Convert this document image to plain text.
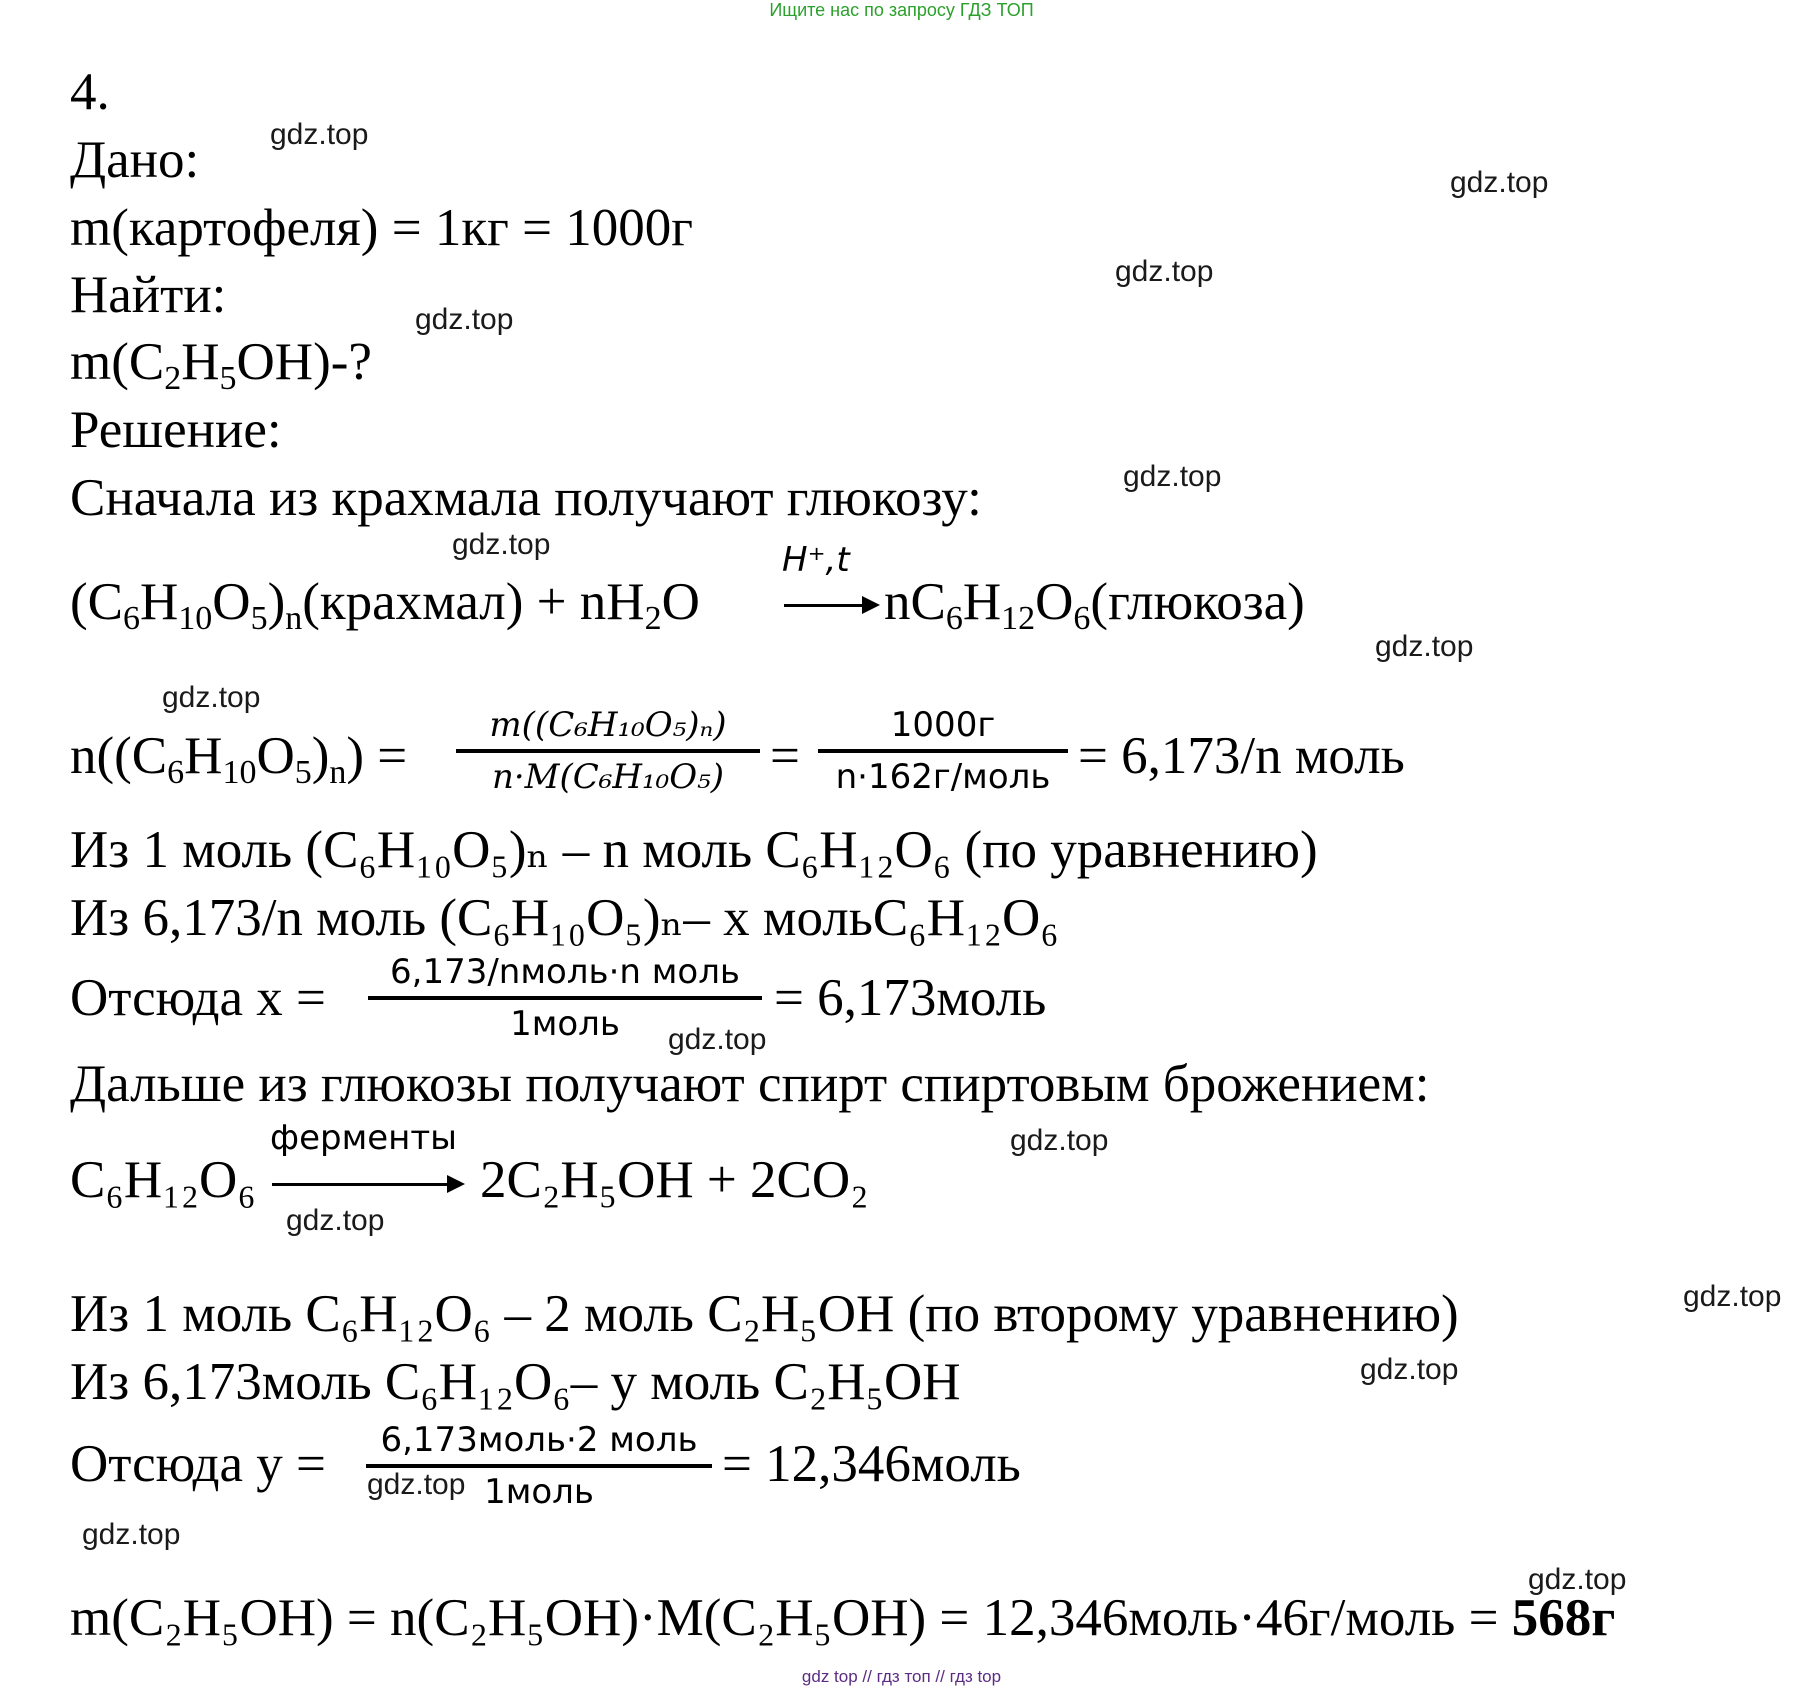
Ищите нас по запросу ГДЗ ТОП
gdz.top
gdz.top
gdz.top
gdz.top
gdz.top
gdz.top
gdz.top
gdz.top
gdz.top
gdz.top
gdz.top
gdz.top
gdz.top
gdz.top
gdz.top
gdz.top
4.
Дано:
m(картофеля) = 1кг = 1000г
Найти:
$m(C_2H_5OH)-$?
Решение:
Сначала из крахмала получают глюкозу:
$(C_6H_{10}O_5)_n(крахмал) + nH_2O$
H⁺,t
$nC_6H_{12}O_6(глюкоза)$
$n((C_6H_{10}O_5)_n) = \frac{\text{m((C₆H₁₀O₅)ₙ)}}{\text{n·M(C₆H₁₀O₅)}}$ =
1000г
n·162г/моль = 6,173/n моль
Из 1 моль (C₆H₁₀O₅)ₙ – n моль C₆H₁₂O₆ (по уравнению)
Из 6,173/n моль (C₆H₁₀O₅)ₙ– x мольC₆H₁₂O₆
Отсюда x =	6,173/nмоль·n моль
1моль	= 6,173моль
Дальше из глюкозы получают спирт спиртовым брожением:
C₆H₁₂O₆
ферменты
2C₂H₅OH + 2CO₂
Из 1 моль C₆H₁₂O₆ – 2 моль C₂H₅OH (по второму уравнению)
Из 6,173моль C₆H₁₂O₆– y моль C₂H₅OH
Отсюда y =	6,173моль·2 моль
1моль	= 12,346моль
m(C₂H₅OH) = n(C₂H₅OH)·M(C₂H₅OH) = 12,346моль·46г/моль = 568г
gdz top // гдз топ // гдз top
